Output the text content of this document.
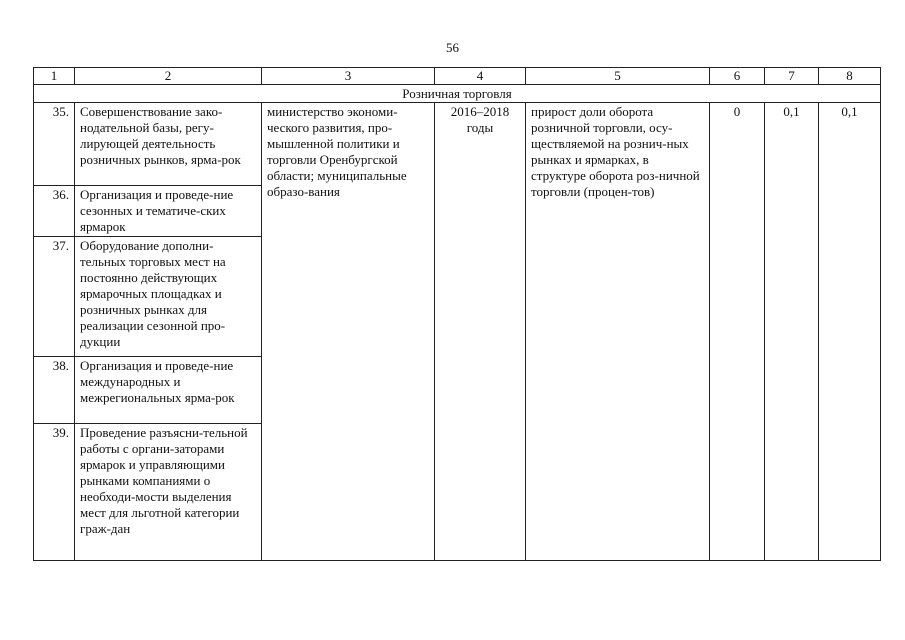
56
1	2	3	4	5	6	7	8
Розничная торговля							
35.	Совершенствование зако-нодательной базы, регу-лирующей деятельность розничных рынков, ярма-рок	министерство экономи-ческого развития, про-мышленной политики и торговли Оренбургской области; муниципальные образо-вания	2016–2018 годы	прирост доли оборота розничной торговли, осу-ществляемой на рознич-ных рынках и ярмарках, в структуре оборота роз-ничной торговли (процен-тов)	0	0,1	0,1
36.	Организация и проведе-ние сезонных и тематиче-ских ярмарок						
37.	Оборудование дополни-тельных торговых мест на постоянно действующих ярмарочных площадках и розничных рынках для реализации сезонной про-дукции						
38.	Организация и проведе-ние международных и межрегиональных ярма-рок						
39.	Проведение разъясни-тельной работы с органи-заторами ярмарок и управляющими рынками компаниями о необходи-мости выделения мест для льготной категории граж-дан						
